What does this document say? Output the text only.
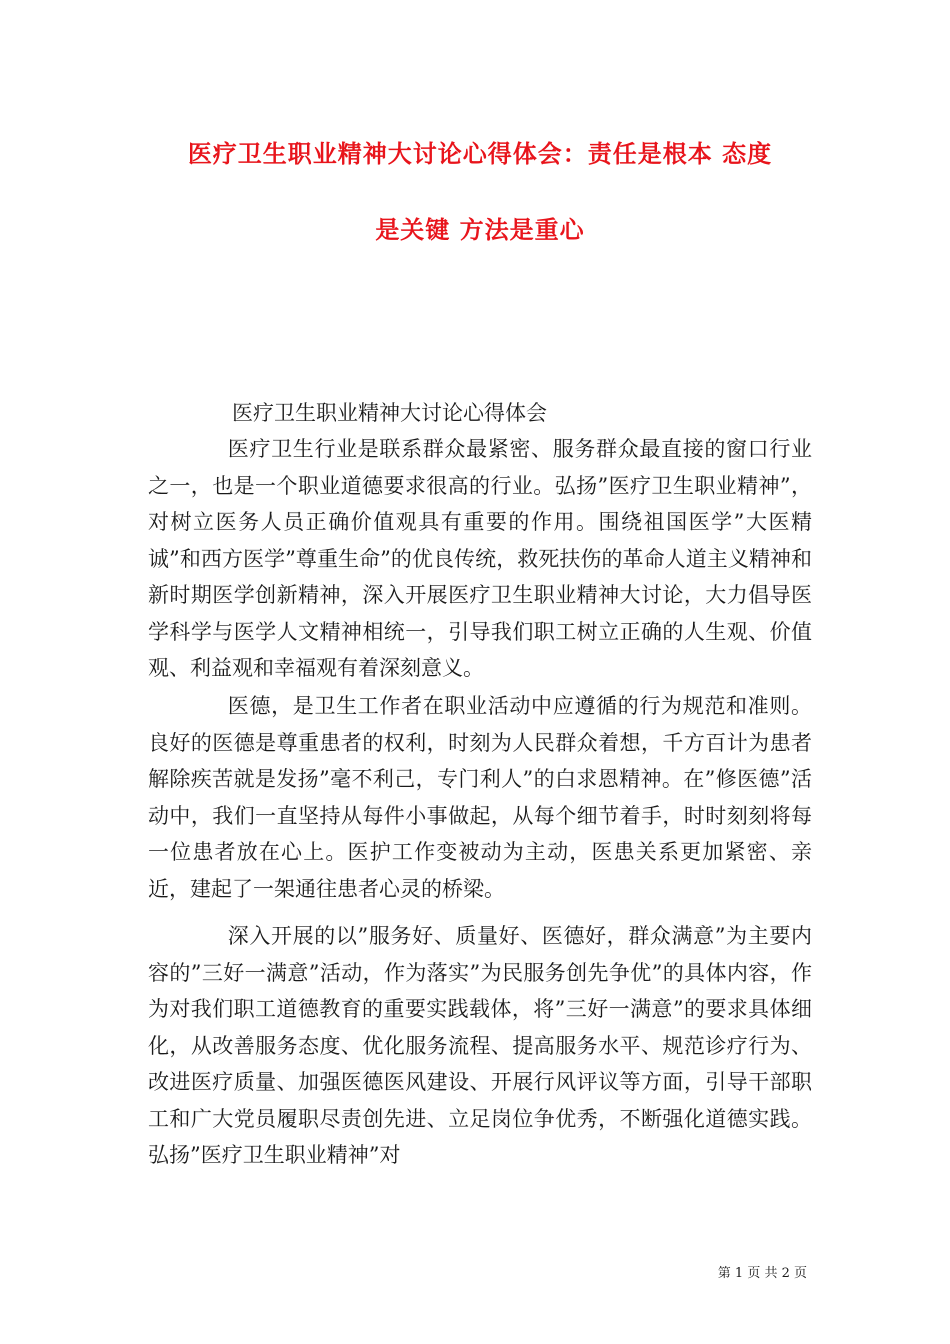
医疗卫生职业精神大讨论心得体会：责任是根本 态度
是关键 方法是重心
医疗卫生职业精神大讨论心得体会

医疗卫生行业是联系群众最紧密、服务群众最直接的窗口行业之一，也是一个职业道德要求很高的行业。弘扬”医疗卫生职业精神”，对树立医务人员正确价值观具有重要的作用。围绕祖国医学”大医精诚”和西方医学”尊重生命”的优良传统，救死扶伤的革命人道主义精神和新时期医学创新精神，深入开展医疗卫生职业精神大讨论，大力倡导医学科学与医学人文精神相统一，引导我们职工树立正确的人生观、价值观、利益观和幸福观有着深刻意义。

医德，是卫生工作者在职业活动中应遵循的行为规范和准则。良好的医德是尊重患者的权利，时刻为人民群众着想，千方百计为患者解除疾苦就是发扬”毫不利己，专门利人”的白求恩精神。在”修医德”活动中，我们一直坚持从每件小事做起，从每个细节着手，时时刻刻将每一位患者放在心上。医护工作变被动为主动，医患关系更加紧密、亲近，建起了一架通往患者心灵的桥梁。

深入开展的以”服务好、质量好、医德好，群众满意”为主要内容的”三好一满意”活动，作为落实”为民服务创先争优”的具体内容，作为对我们职工道德教育的重要实践载体，将”三好一满意”的要求具体细化，从改善服务态度、优化服务流程、提高服务水平、规范诊疗行为、改进医疗质量、加强医德医风建设、开展行风评议等方面，引导干部职工和广大党员履职尽责创先进、立足岗位争优秀，不断强化道德实践。弘扬”医疗卫生职业精神”对

第 1 页 共 2 页
